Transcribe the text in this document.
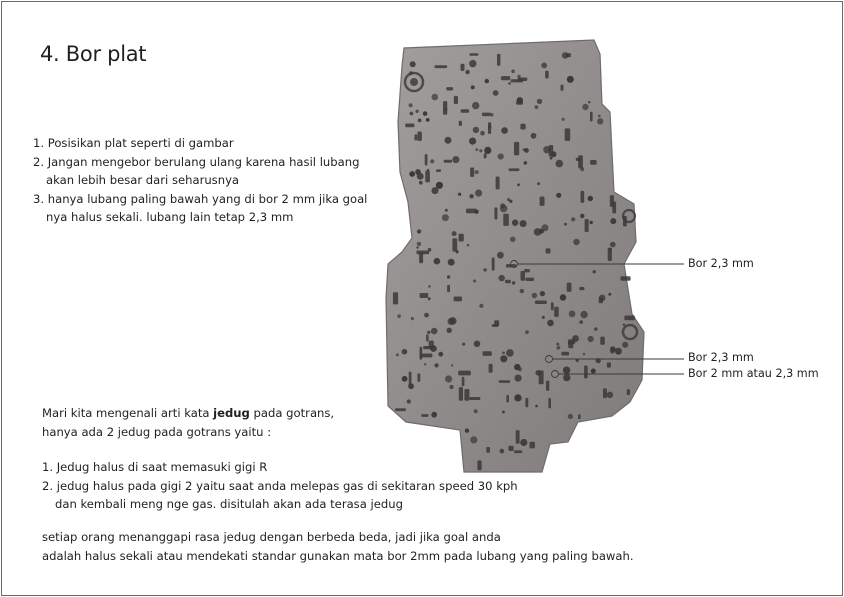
4. Bor plat
1. Posisikan plat seperti di gambar
2. Jangan mengebor berulang ulang karena hasil lubang
akan lebih besar dari seharusnya
3. hanya lubang paling bawah yang di bor 2 mm jika goal
nya halus sekali. lubang lain tetap 2,3 mm
Mari kita mengenali arti kata jedug pada gotrans,
hanya ada 2 jedug pada gotrans yaitu :
1. Jedug halus di saat memasuki gigi R
2. jedug halus pada gigi 2 yaitu saat anda melepas gas di sekitaran speed 30 kph
dan kembali meng nge gas. disitulah akan ada terasa jedug
setiap orang menanggapi rasa jedug dengan berbeda beda, jadi jika goal anda
adalah halus sekali atau mendekati standar gunakan mata bor 2mm pada lubang yang paling bawah.
Bor 2,3 mm
Bor 2,3 mm
Bor 2 mm atau 2,3 mm
